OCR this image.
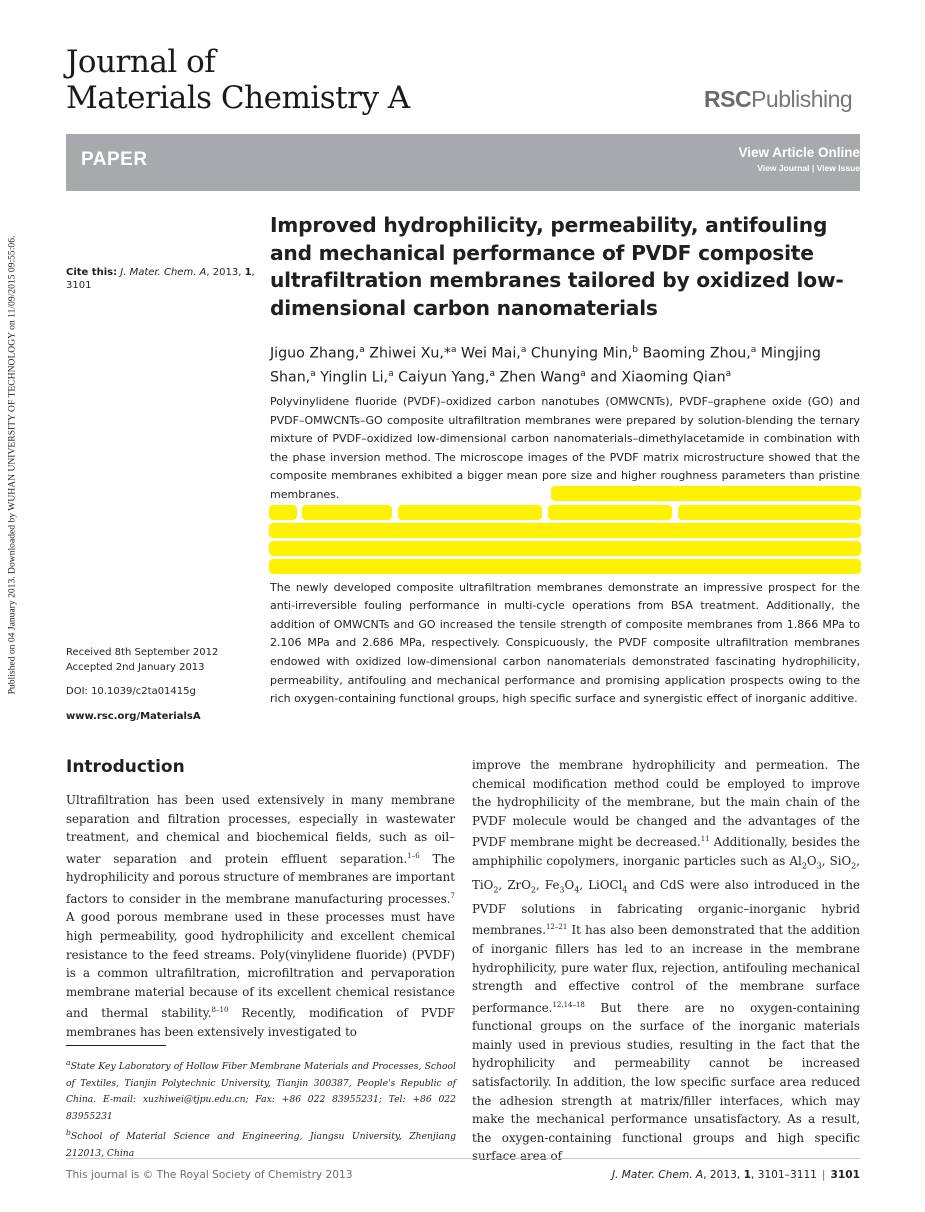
Published on 04 January 2013. Downloaded by WUHAN UNIVERSITY OF TECHNOLOGY on 11/09/2015 09:55:06.
Journal of
Materials Chemistry A	RSCPublishing
PAPER	View Article Online
View Journal | View Issue
Improved hydrophilicity, permeability, antifouling and mechanical performance of PVDF composite ultrafiltration membranes tailored by oxidized low-dimensional carbon nanomaterials
Cite this: J. Mater. Chem. A, 2013, 1, 3101
Jiguo Zhang,$^a$ Zhiwei Xu,*$^a$ Wei Mai,$^a$ Chunying Min,$^b$ Baoming Zhou,$^a$ Mingjing Shan,$^a$ Yinglin Li,$^a$ Caiyun Yang,$^a$ Zhen Wang$^a$ and Xiaoming Qian$^a$
Polyvinylidene fluoride (PVDF)–oxidized carbon nanotubes (OMWCNTs), PVDF–graphene oxide (GO) and PVDF–OMWCNTs–GO composite ultrafiltration membranes were prepared by solution-blending the ternary mixture of PVDF–oxidized low-dimensional carbon nanomaterials–dimethylacetamide in combination with the phase inversion method. The microscope images of the PVDF matrix microstructure showed that the composite membranes exhibited a bigger mean pore size and higher roughness parameters than pristine membranes.
The newly developed composite ultrafiltration membranes demonstrate an impressive prospect for the anti-irreversible fouling performance in multi-cycle operations from BSA treatment. Additionally, the addition of OMWCNTs and GO increased the tensile strength of composite membranes from 1.866 MPa to 2.106 MPa and 2.686 MPa, respectively. Conspicuously, the PVDF composite ultrafiltration membranes endowed with oxidized low-dimensional carbon nanomaterials demonstrated fascinating hydrophilicity, permeability, antifouling and mechanical performance and promising application prospects owing to the rich oxygen-containing functional groups, high specific surface and synergistic effect of inorganic additive.
Received 8th September 2012
Accepted 2nd January 2013
DOI: 10.1039/c2ta01415g
www.rsc.org/MaterialsA
Introduction
Ultrafiltration has been used extensively in many membrane separation and filtration processes, especially in wastewater treatment, and chemical and biochemical fields, such as oil–water separation and protein effluent separation.$^{1-6}$ The hydrophilicity and porous structure of membranes are important factors to consider in the membrane manufacturing processes.$^7$ A good porous membrane used in these processes must have high permeability, good hydrophilicity and excellent chemical resistance to the feed streams. Poly(vinylidene fluoride) (PVDF) is a common ultrafiltration, microfiltration and pervaporation membrane material because of its excellent chemical resistance and thermal stability.$^{8-10}$ Recently, modification of PVDF membranes has been extensively investigated to
improve the membrane hydrophilicity and permeation. The chemical modification method could be employed to improve the hydrophilicity of the membrane, but the main chain of the PVDF molecule would be changed and the advantages of the PVDF membrane might be decreased.$^{11}$ Additionally, besides the amphiphilic copolymers, inorganic particles such as $Al_2O_3$, SiO$_2$, TiO$_2$, ZrO$_2$, $Fe_3O_4$, LiOCl$_4$ and CdS were also introduced in the PVDF solutions in fabricating organic–inorganic hybrid membranes.$^{12-21}$ It has also been demonstrated that the addition of inorganic fillers has led to an increase in the membrane hydrophilicity, pure water flux, rejection, antifouling mechanical strength and effective control of the membrane surface performance.$^{12,14-18}$ But there are no oxygen-containing functional groups on the surface of the inorganic materials mainly used in previous studies, resulting in the fact that the hydrophilicity and permeability cannot be increased satisfactorily. In addition, the low specific surface area reduced the adhesion strength at matrix/filler interfaces, which may make the mechanical performance unsatisfactory. As a result, the oxygen-containing functional groups and high specific surface area of
$^a$State Key Laboratory of Hollow Fiber Membrane Materials and Processes, School of Textiles, Tianjin Polytechnic University, Tianjin 300387, People's Republic of China. E-mail: xuzhiwei@tjpu.edu.cn; Fax: +86 022 83955231; Tel: +86 022 83955231
$^b$School of Material Science and Engineering, Jiangsu University, Zhenjiang 212013, China
This journal is © The Royal Society of Chemistry 2013	J. Mater. Chem. A, 2013, 1, 3101–3111 | 3101
